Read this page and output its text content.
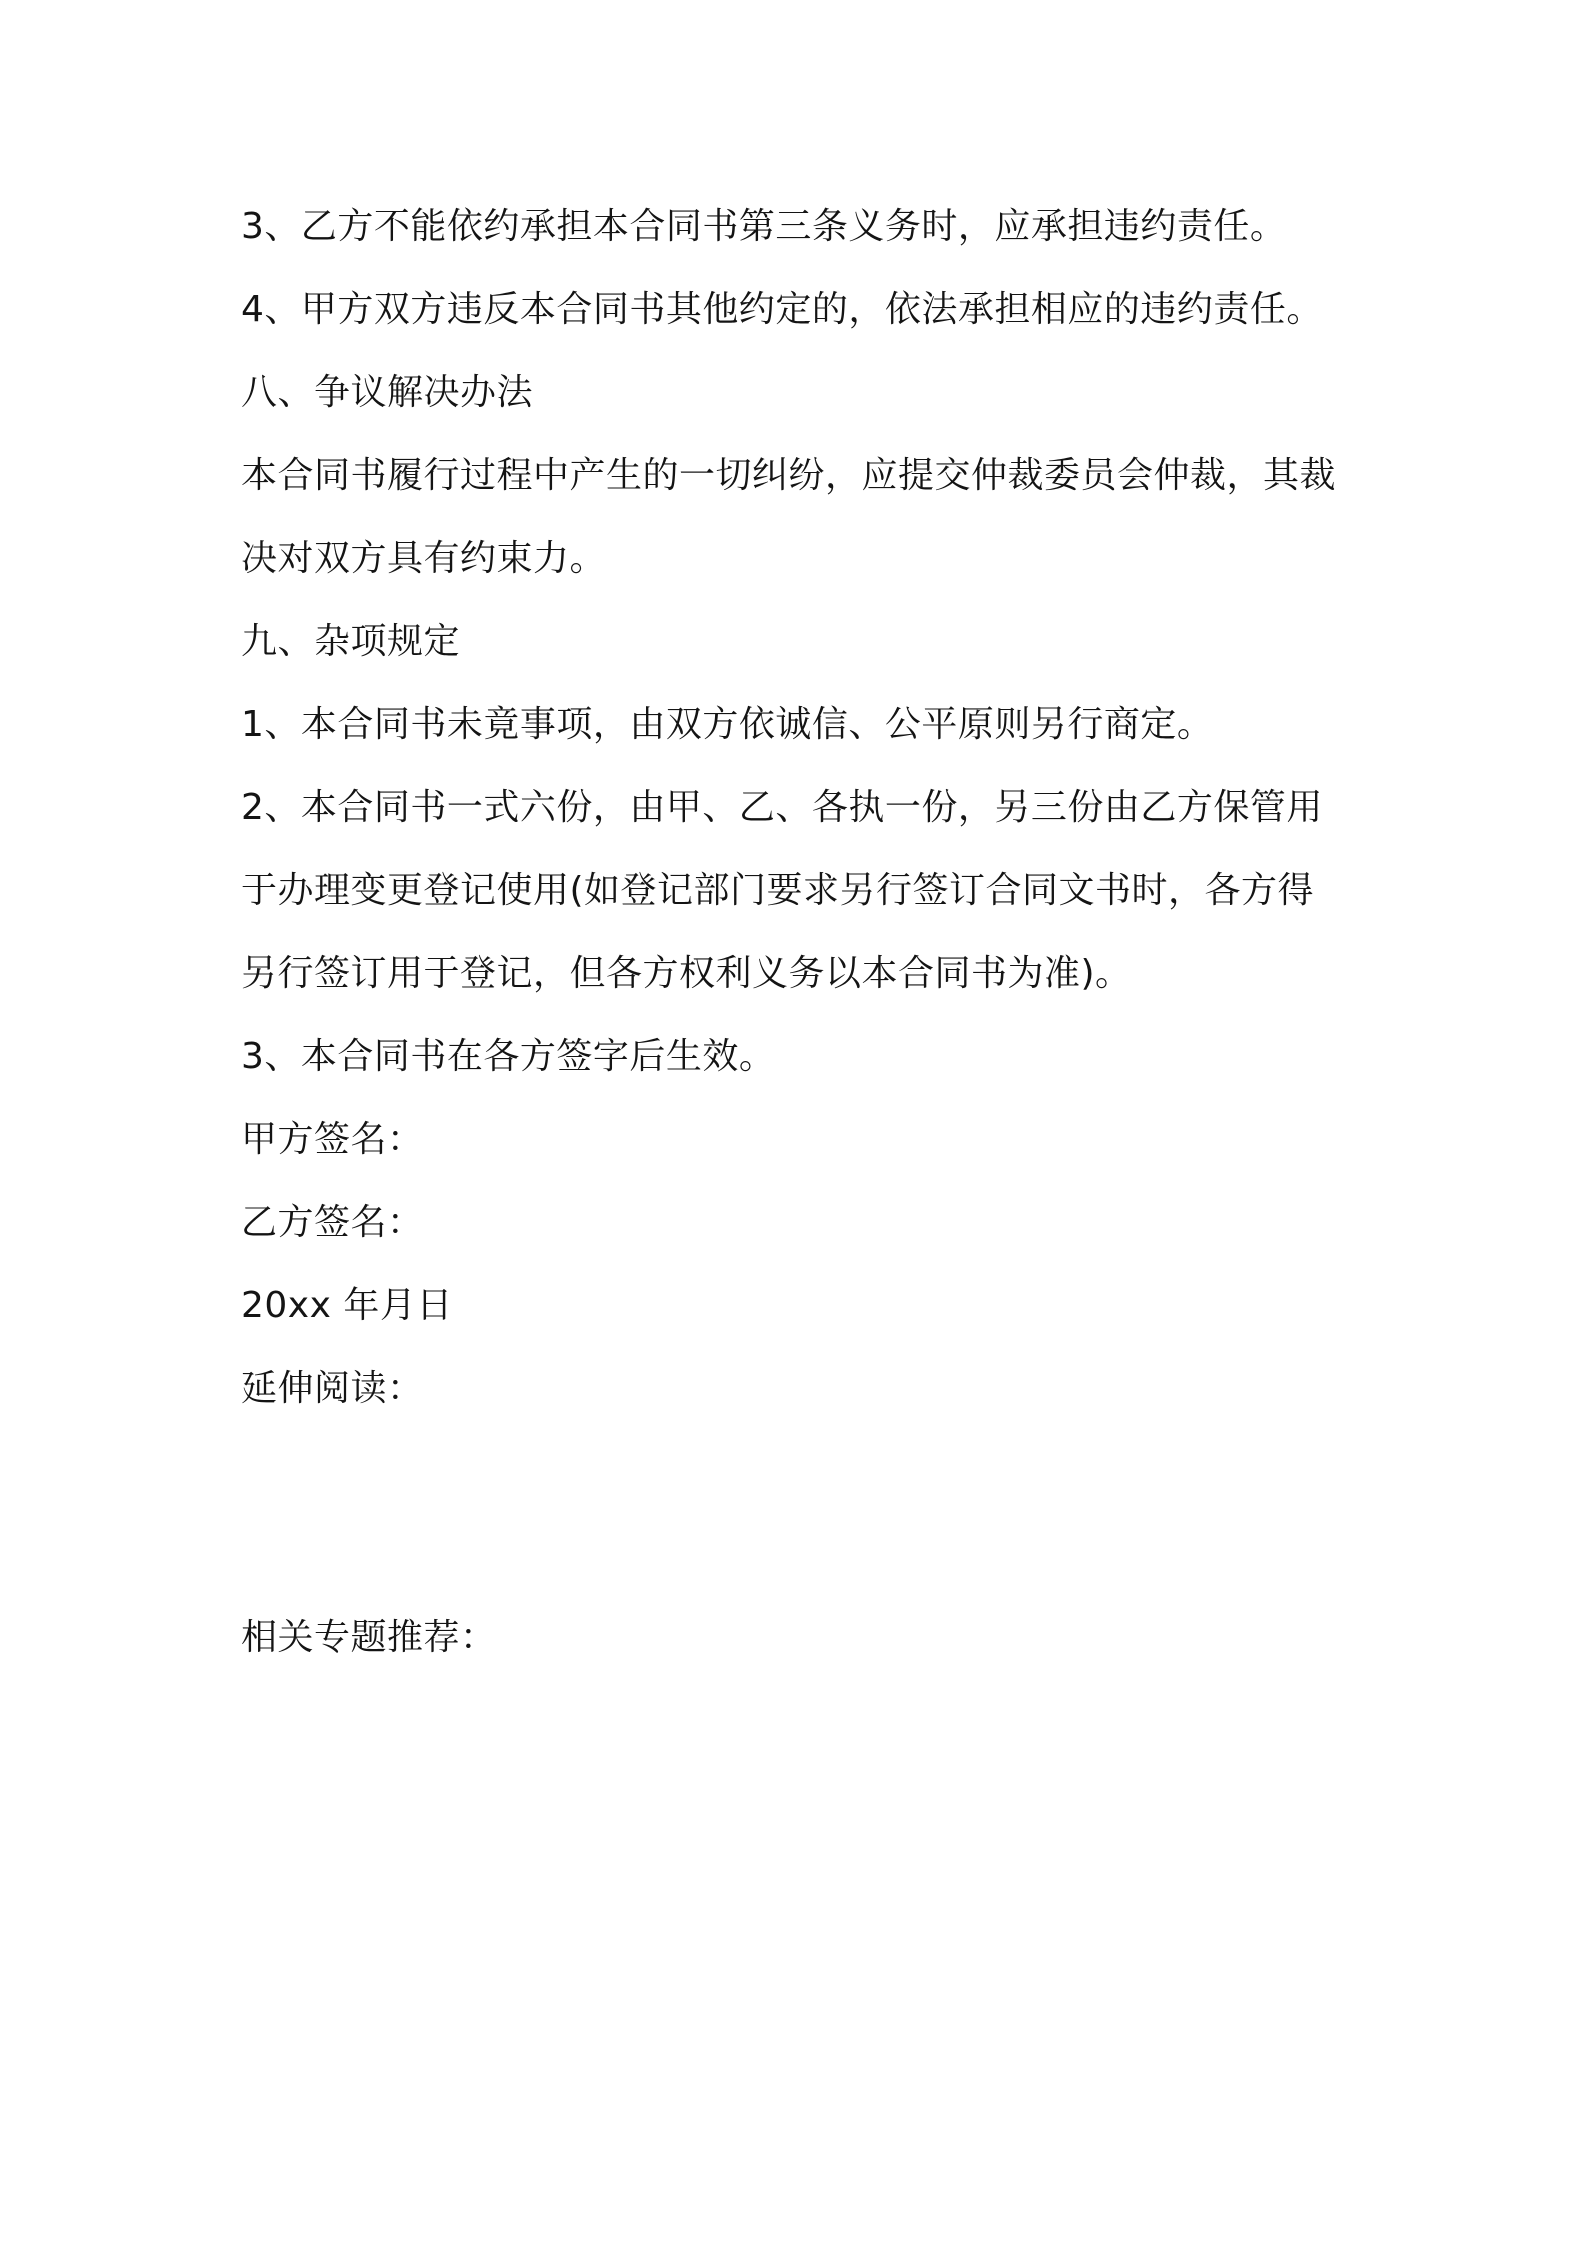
3、乙方不能依约承担本合同书第三条义务时，应承担违约责任。
4、甲方双方违反本合同书其他约定的，依法承担相应的违约责任。
八、争议解决办法
本合同书履行过程中产生的一切纠纷，应提交仲裁委员会仲裁，其裁
决对双方具有约束力。
九、杂项规定
1、本合同书未竟事项，由双方依诚信、公平原则另行商定。
2、本合同书一式六份，由甲、乙、各执一份，另三份由乙方保管用
于办理变更登记使用(如登记部门要求另行签订合同文书时，各方得
另行签订用于登记，但各方权利义务以本合同书为准)。
3、本合同书在各方签字后生效。
甲方签名：
乙方签名：
20xx 年月日
延伸阅读：
相关专题推荐：
